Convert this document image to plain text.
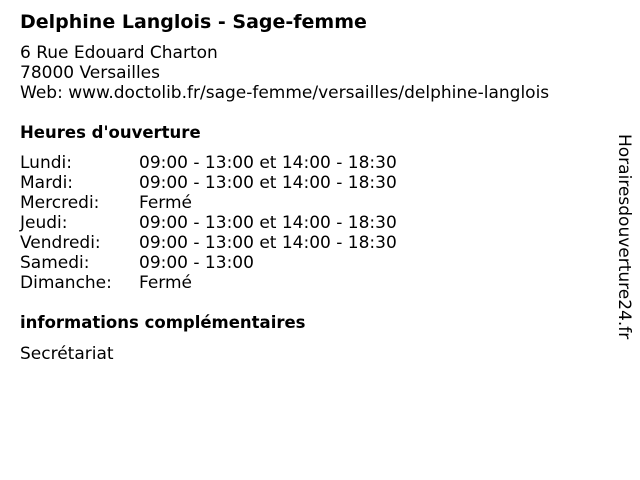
Delphine Langlois - Sage-femme
6 Rue Edouard Charton
78000 Versailles
Web: www.doctolib.fr/sage-femme/versailles/delphine-langlois
Heures d'ouverture
Lundi:	09:00 - 13:00 et 14:00 - 18:30
Mardi:	09:00 - 13:00 et 14:00 - 18:30
Mercredi: Fermé
Jeudi:	09:00 - 13:00 et 14:00 - 18:30
Vendredi: 09:00 - 13:00 et 14:00 - 18:30
Samedi:	09:00 - 13:00
Dimanche: Fermé
informations complémentaires
Secrétariat
Horairesdouverture24.fr
